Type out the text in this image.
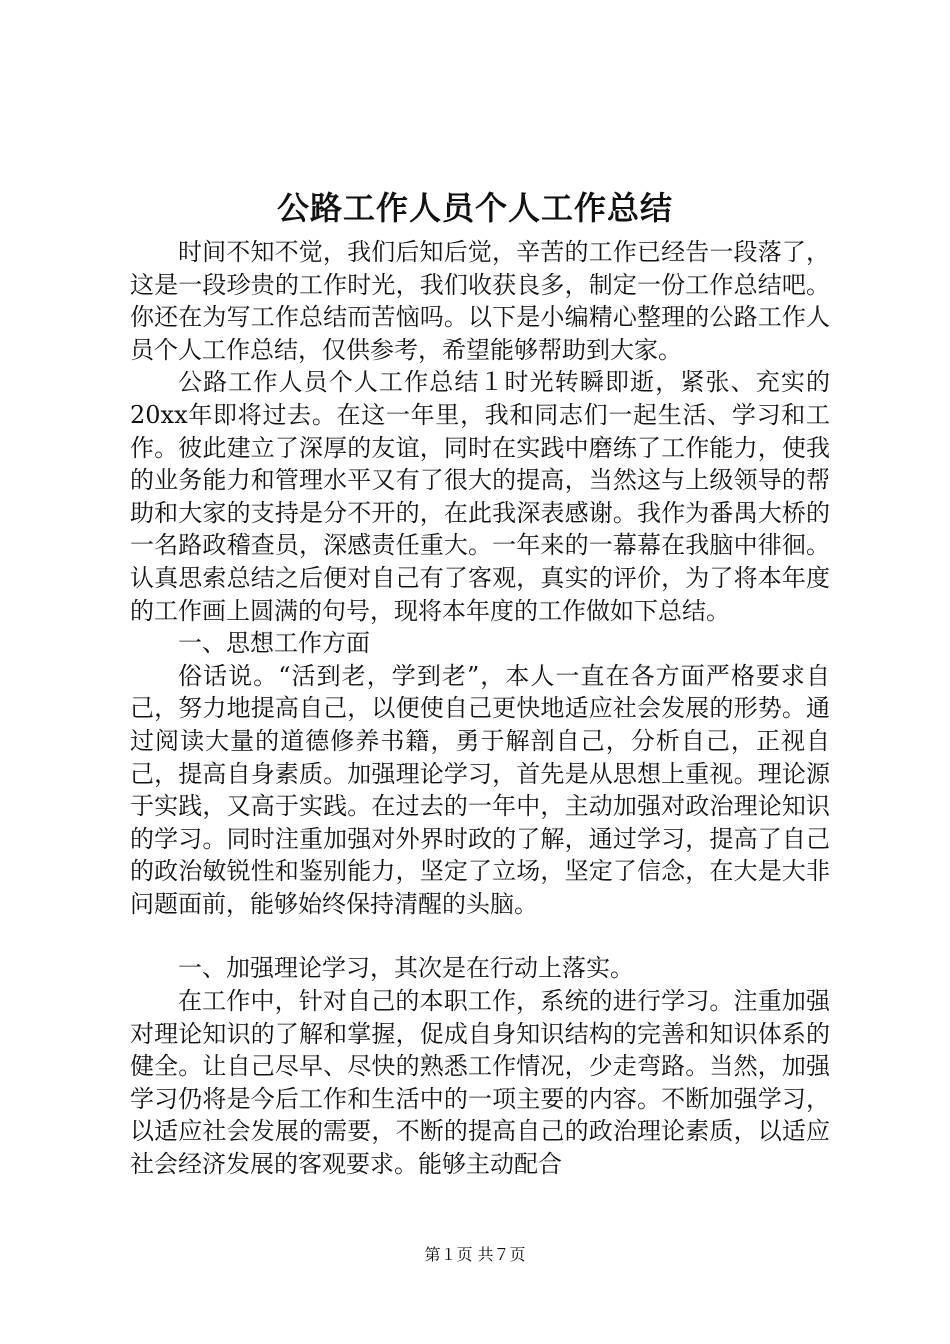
公路工作人员个人工作总结

时间不知不觉，我们后知后觉，辛苦的工作已经告一段落了，这是一段珍贵的工作时光，我们收获良多，制定一份工作总结吧。你还在为写工作总结而苦恼吗。以下是小编精心整理的公路工作人员个人工作总结，仅供参考，希望能够帮助到大家。

公路工作人员个人工作总结１时光转瞬即逝，紧张、充实的20xx年即将过去。在这一年里，我和同志们一起生活、学习和工作。彼此建立了深厚的友谊，同时在实践中磨练了工作能力，使我的业务能力和管理水平又有了很大的提高，当然这与上级领导的帮助和大家的支持是分不开的，在此我深表感谢。我作为番禺大桥的一名路政稽查员，深感责任重大。一年来的一幕幕在我脑中徘徊。认真思索总结之后便对自己有了客观，真实的评价，为了将本年度的工作画上圆满的句号，现将本年度的工作做如下总结。

一、思想工作方面

俗话说。“活到老，学到老”，本人一直在各方面严格要求自己，努力地提高自己，以便使自己更快地适应社会发展的形势。通过阅读大量的道德修养书籍，勇于解剖自己，分析自己，正视自己，提高自身素质。加强理论学习，首先是从思想上重视。理论源于实践，又高于实践。在过去的一年中，主动加强对政治理论知识的学习。同时注重加强对外界时政的了解，通过学习，提高了自己的政治敏锐性和鉴别能力，坚定了立场，坚定了信念，在大是大非问题面前，能够始终保持清醒的头脑。

一、加强理论学习，其次是在行动上落实。

在工作中，针对自己的本职工作，系统的进行学习。注重加强对理论知识的了解和掌握，促成自身知识结构的完善和知识体系的健全。让自己尽早、尽快的熟悉工作情况，少走弯路。当然，加强学习仍将是今后工作和生活中的一项主要的内容。不断加强学习，以适应社会发展的需要，不断的提高自己的政治理论素质，以适应社会经济发展的客观要求。能够主动配合

第１页 共７页
